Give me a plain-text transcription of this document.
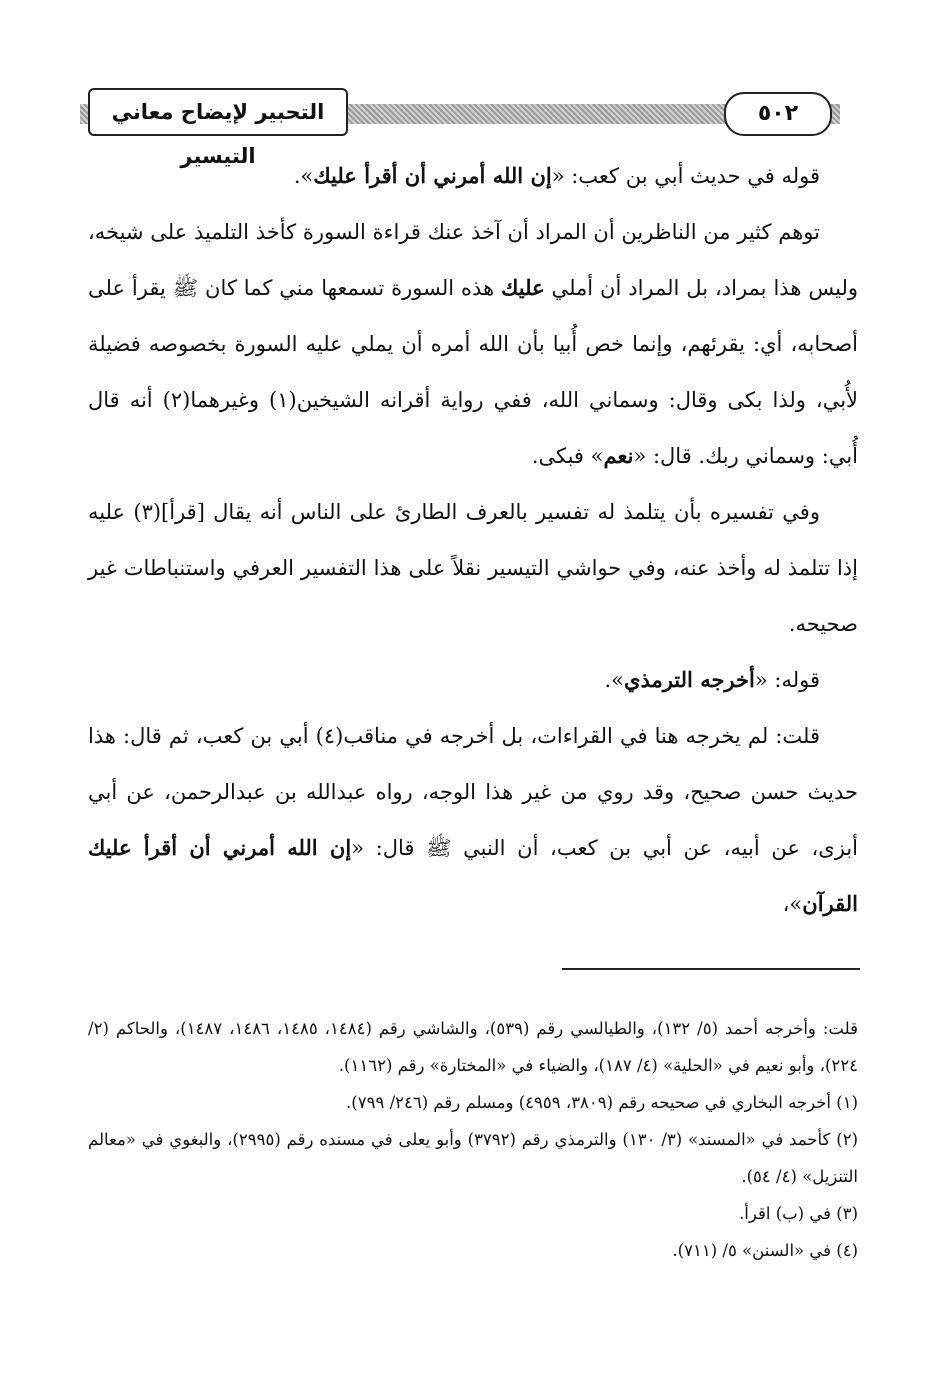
٥٠٢
التحبير لإيضاح معاني التيسير

قوله في حديث أبي بن كعب: «إن الله أمرني أن أقرأ عليك».

توهم كثير من الناظرين أن المراد أن آخذ عنك قراءة السورة كأخذ التلميذ على شيخه، وليس هذا بمراد، بل المراد أن أملي عليك هذه السورة تسمعها مني كما كان ﷺ يقرأ على أصحابه، أي: يقرئهم، وإنما خص أُبيا بأن الله أمره أن يملي عليه السورة بخصوصه فضيلة لأُبي، ولذا بكى وقال: وسماني الله، ففي رواية أقرانه الشيخين(١) وغيرهما(٢) أنه قال أُبي: وسماني ربك. قال: «نعم» فبكى.

وفي تفسيره بأن يتلمذ له تفسير بالعرف الطارئ على الناس أنه يقال [قرأ](٣) عليه إذا تتلمذ له وأخذ عنه، وفي حواشي التيسير نقلاً على هذا التفسير العرفي واستنباطات غير صحيحه.

قوله: «أخرجه الترمذي».

قلت: لم يخرجه هنا في القراءات، بل أخرجه في مناقب(٤) أبي بن كعب، ثم قال: هذا حديث حسن صحيح، وقد روي من غير هذا الوجه، رواه عبدالله بن عبدالرحمن، عن أبي أبزى، عن أبيه، عن أبي بن كعب، أن النبي ﷺ قال: «إن الله أمرني أن أقرأ عليك القرآن»،

قلت: وأخرجه أحمد (٥/ ١٣٢)، والطيالسي رقم (٥٣٩)، والشاشي رقم (١٤٨٤، ١٤٨٥، ١٤٨٦، ١٤٨٧)، والحاكم (٢/ ٢٢٤)، وأبو نعيم في «الحلية» (٤/ ١٨٧)، والضياء في «المختارة» رقم (١١٦٢).

(١) أخرجه البخاري في صحيحه رقم (٣٨٠٩، ٤٩٥٩) ومسلم رقم (٢٤٦/ ٧٩٩).

(٢) كأحمد في «المسند» (٣/ ١٣٠) والترمذي رقم (٣٧٩٢) وأبو يعلى في مسنده رقم (٢٩٩٥)، والبغوي في «معالم التنزيل» (٤/ ٥٤).

(٣) في (ب) اقرأ.

(٤) في «السنن» ٥/ (٧١١).
